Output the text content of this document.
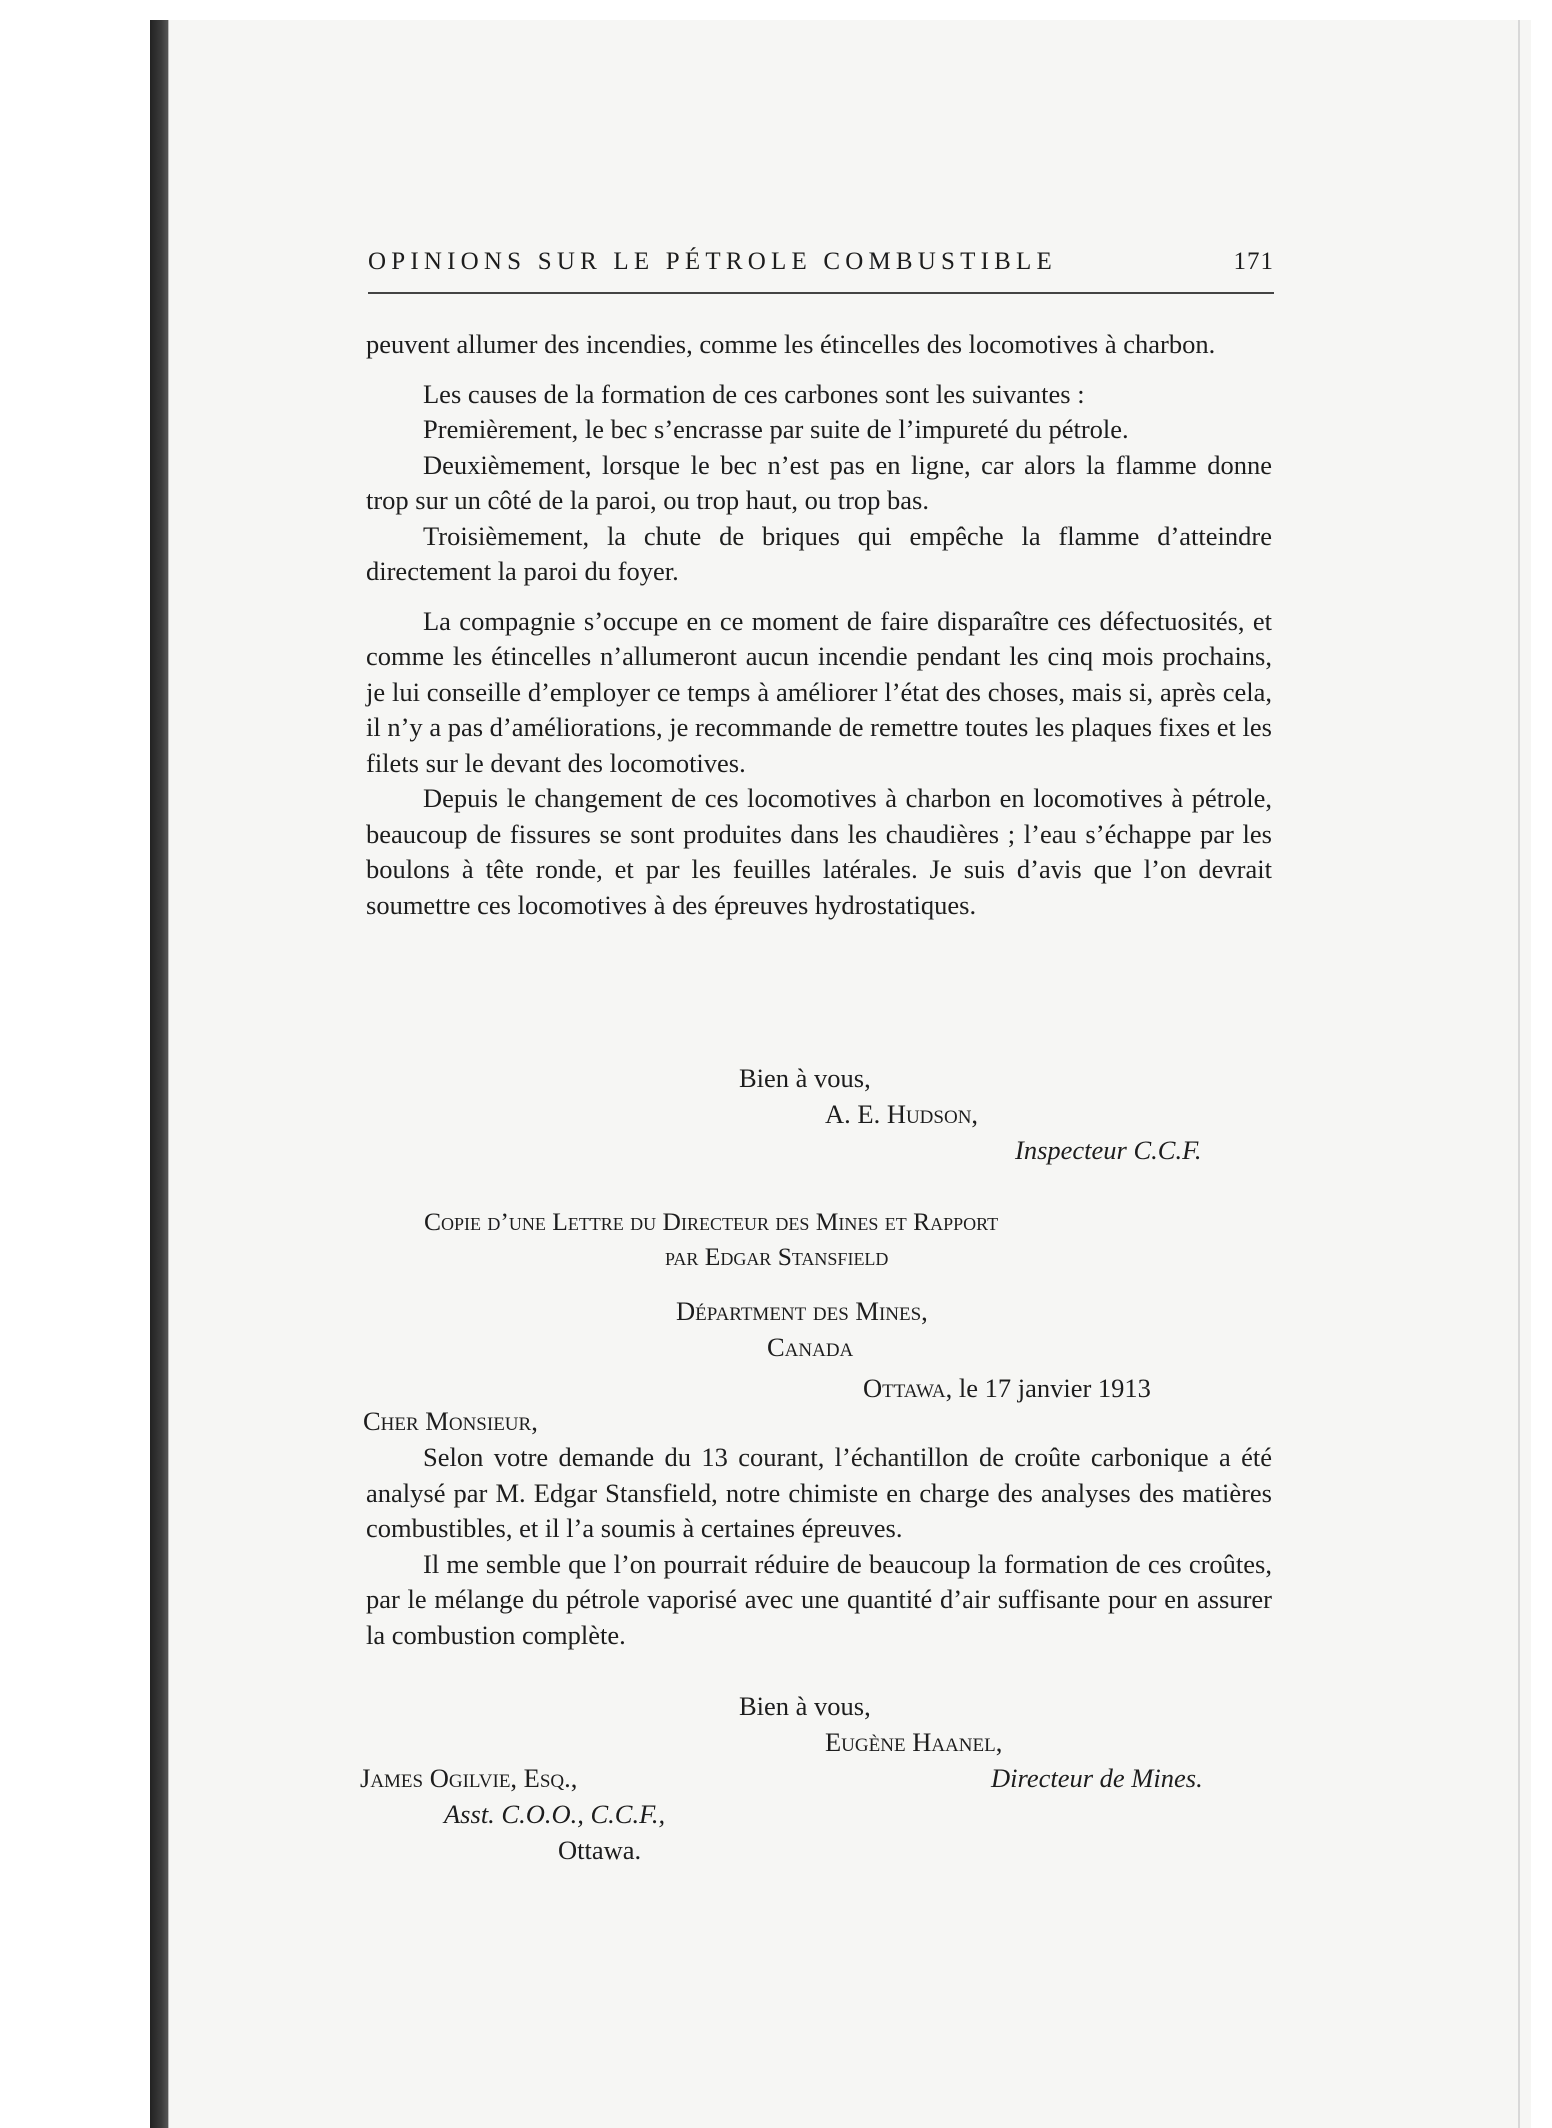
OPINIONS SUR LE PÉTROLE COMBUSTIBLE	171

peuvent allumer des incendies, comme les étincelles des locomotives à charbon.

Les causes de la formation de ces carbones sont les suivantes :

Premièrement, le bec s’encrasse par suite de l’impureté du pétrole.

Deuxièmement, lorsque le bec n’est pas en ligne, car alors la flamme donne trop sur un côté de la paroi, ou trop haut, ou trop bas.

Troisièmement, la chute de briques qui empêche la flamme d’atteindre directement la paroi du foyer.

La compagnie s’occupe en ce moment de faire disparaître ces défectuosités, et comme les étincelles n’allumeront aucun incendie pendant les cinq mois prochains, je lui conseille d’employer ce temps à améliorer l’état des choses, mais si, après cela, il n’y a pas d’améliorations, je recommande de remettre toutes les plaques fixes et les filets sur le devant des locomotives.

Depuis le changement de ces locomotives à charbon en locomotives à pétrole, beaucoup de fissures se sont produites dans les chaudières ; l’eau s’échappe par les boulons à tête ronde, et par les feuilles latérales. Je suis d’avis que l’on devrait soumettre ces locomotives à des épreuves hydrostatiques.

Bien à vous,
A. E. Hudson,
Inspecteur C.C.F.
Copie d’une Lettre du Directeur des Mines et Rapport
par Edgar Stansfield
Départment des Mines,
Canada
Ottawa, le 17 janvier 1913
Cher Monsieur,

Selon votre demande du 13 courant, l’échantillon de croûte carbonique a été analysé par M. Edgar Stansfield, notre chimiste en charge des analyses des matières combustibles, et il l’a soumis à certaines épreuves.

Il me semble que l’on pourrait réduire de beaucoup la formation de ces croûtes, par le mélange du pétrole vaporisé avec une quantité d’air suffisante pour en assurer la combustion complète.

Bien à vous,
Eugène Haanel,
James Ogilvie, Esq.,	Directeur de Mines.
Asst. C.O.O., C.C.F.,
Ottawa.
